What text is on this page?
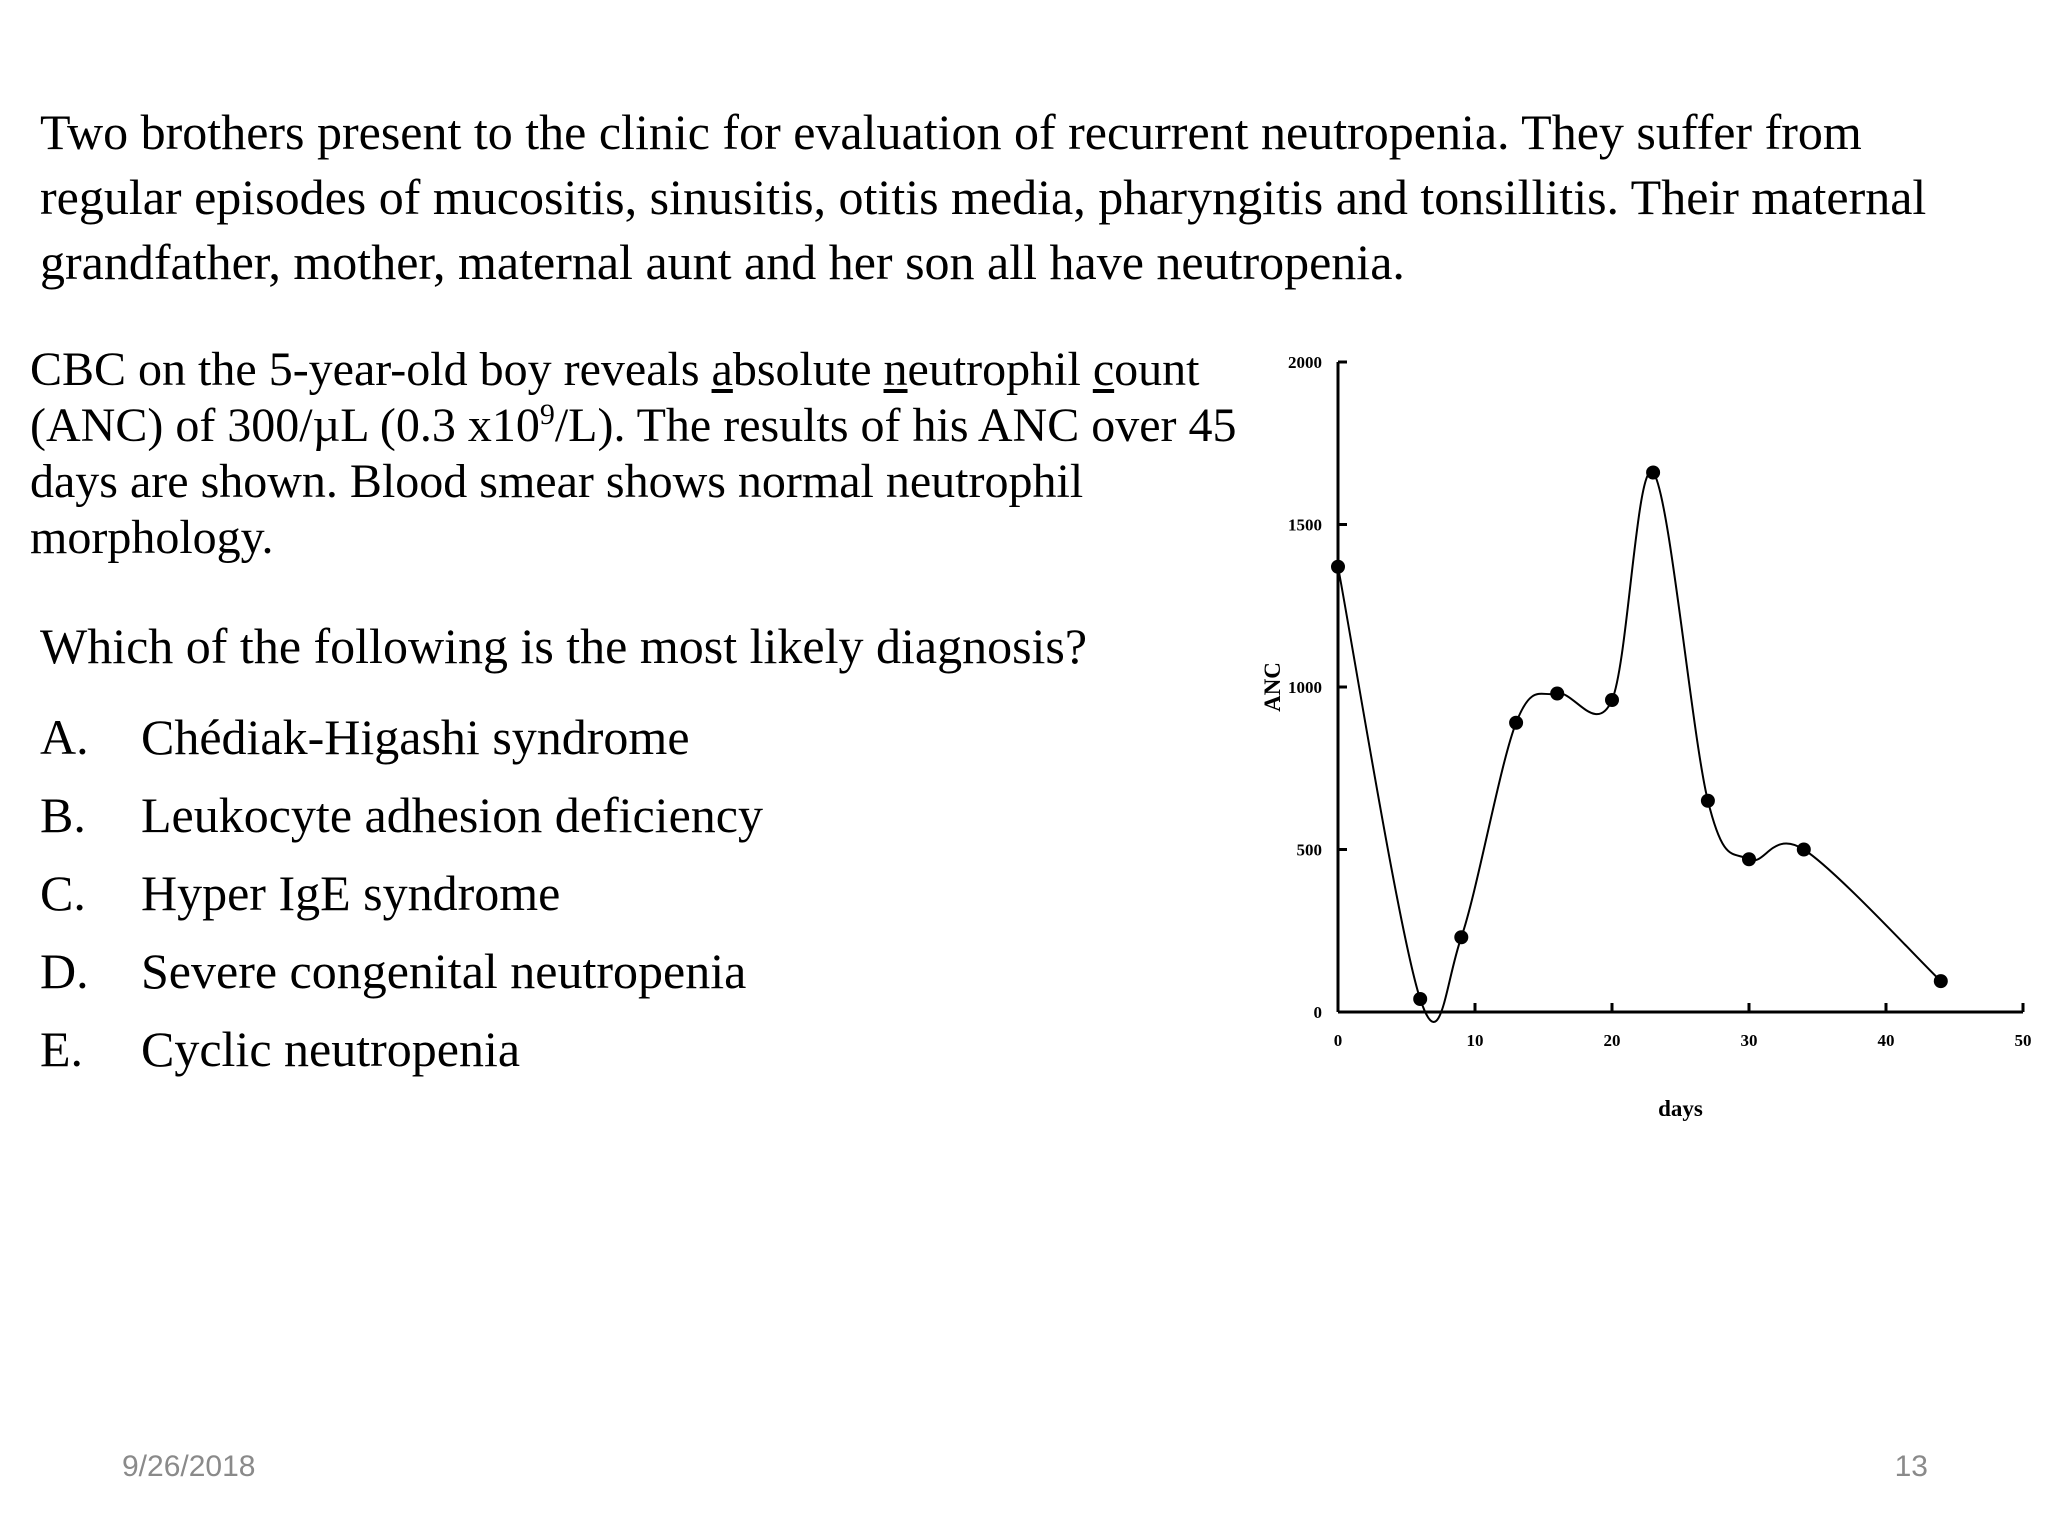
Two brothers present to the clinic for evaluation of recurrent neutropenia. They suffer from regular episodes of mucositis, sinusitis, otitis media, pharyngitis and tonsillitis. Their maternal grandfather, mother, maternal aunt and her son all have neutropenia.

CBC on the 5-year-old boy reveals absolute neutrophil count (ANC) of 300/µL (0.3 $x10^9/L$). The results of his ANC over 45 days are shown. Blood smear shows normal neutrophil morphology.

Which of the following is the most likely diagnosis?

A.	Chédiak-Higashi syndrome
B.	Leukocyte adhesion deficiency
C.	Hyper IgE syndrome
D.	Severe congenital neutropenia
E.	Cyclic neutropenia
0
500
1000
1500
2000
0	10	20	30	40	50
days
ANC
9/26/2018	13
